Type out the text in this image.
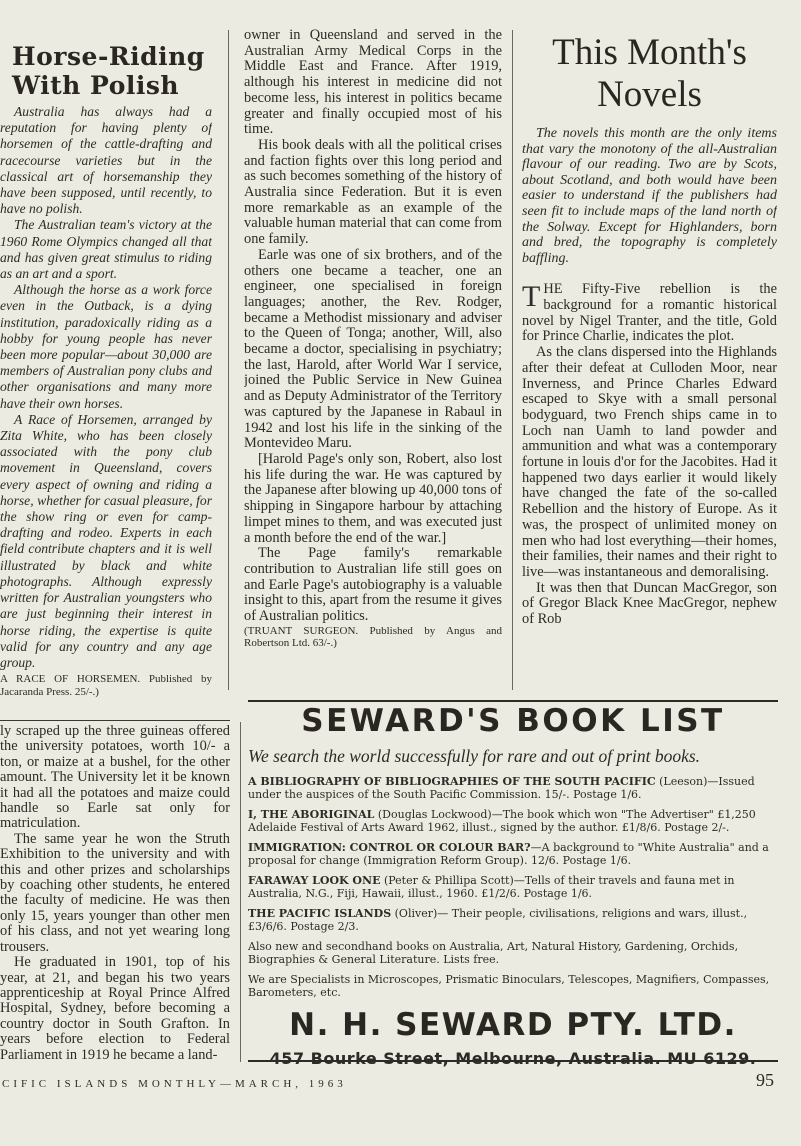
Horse-Riding
With Polish

Australia has always had a reputation for having plenty of horsemen of the cattle-drafting and racecourse varieties but in the classical art of horsemanship they have been supposed, until recently, to have no polish.

The Australian team's victory at the 1960 Rome Olympics changed all that and has given great stimulus to riding as an art and a sport.

Although the horse as a work force even in the Outback, is a dying institution, paradoxically riding as a hobby for young people has never been more popular—about 30,000 are members of Australian pony clubs and other organisations and many more have their own horses.

A Race of Horsemen, arranged by Zita White, who has been closely associated with the pony club movement in Queensland, covers every aspect of owning and riding a horse, whether for casual pleasure, for the show ring or even for camp-drafting and rodeo. Experts in each field contribute chapters and it is well illustrated by black and white photographs. Although expressly written for Australian youngsters who are just beginning their interest in horse riding, the expertise is quite valid for any country and any age group.

A RACE OF HORSEMEN. Published by Jacaranda Press. 25/-.)

owner in Queensland and served in the Australian Army Medical Corps in the Middle East and France. After 1919, although his interest in medicine did not become less, his interest in politics became greater and finally occupied most of his time.

His book deals with all the political crises and faction fights over this long period and as such becomes something of the history of Australia since Federation. But it is even more remarkable as an example of the valuable human material that can come from one family.

Earle was one of six brothers, and of the others one became a teacher, one an engineer, one specialised in foreign languages; another, the Rev. Rodger, became a Methodist missionary and adviser to the Queen of Tonga; another, Will, also became a doctor, specialising in psychiatry; the last, Harold, after World War I service, joined the Public Service in New Guinea and as Deputy Administrator of the Territory was captured by the Japanese in Rabaul in 1942 and lost his life in the sinking of the Montevideo Maru.

[Harold Page's only son, Robert, also lost his life during the war. He was captured by the Japanese after blowing up 40,000 tons of shipping in Singapore harbour by attaching limpet mines to them, and was executed just a month before the end of the war.]

The Page family's remarkable contribution to Australian life still goes on and Earle Page's autobiography is a valuable insight to this, apart from the resume it gives of Australian politics.

(TRUANT SURGEON. Published by Angus and Robertson Ltd. 63/-.)

This Month's Novels

The novels this month are the only items that vary the monotony of the all-Australian flavour of our reading. Two are by Scots, about Scotland, and both would have been easier to understand if the publishers had seen fit to include maps of the land north of the Solway. Except for Highlanders, born and bred, the topography is completely baffling.

THE Fifty-Five rebellion is the background for a romantic historical novel by Nigel Tranter, and the title, Gold for Prince Charlie, indicates the plot.

As the clans dispersed into the Highlands after their defeat at Culloden Moor, near Inverness, and Prince Charles Edward escaped to Skye with a small personal bodyguard, two French ships came in to Loch nan Uamh to land powder and ammunition and what was a contemporary fortune in louis d'or for the Jacobites. Had it happened two days earlier it would likely have changed the fate of the so-called Rebellion and the history of Europe. As it was, the prospect of unlimited money on men who had lost everything—their homes, their families, their names and their right to live—was instantaneous and demoralising.

It was then that Duncan MacGregor, son of Gregor Black Knee MacGregor, nephew of Rob

ly scraped up the three guineas offered the university potatoes, worth 10/- a ton, or maize at a bushel, for the other amount. The University let it be known it had all the potatoes and maize could handle so Earle sat only for matriculation.

The same year he won the Struth Exhibition to the university and with this and other prizes and scholarships by coaching other students, he entered the faculty of medicine. He was then only 15, years younger than other men of his class, and not yet wearing long trousers.

He graduated in 1901, top of his year, at 21, and began his two years apprenticeship at Royal Prince Alfred Hospital, Sydney, before becoming a country doctor in South Grafton. In years before election to Federal Parliament in 1919 he became a land-

SEWARD'S BOOK LIST

We search the world successfully for rare and out of print books.

A BIBLIOGRAPHY OF BIBLIOGRAPHIES OF THE SOUTH PACIFIC (Leeson)—Issued under the auspices of the South Pacific Commission. 15/-. Postage 1/6.

I, THE ABORIGINAL (Douglas Lockwood)—The book which won "The Advertiser" £1,250 Adelaide Festival of Arts Award 1962, illust., signed by the author. £1/8/6. Postage 2/-.

IMMIGRATION: CONTROL OR COLOUR BAR?—A background to "White Australia" and a proposal for change (Immigration Reform Group). 12/6. Postage 1/6.

FARAWAY LOOK ONE (Peter & Phillipa Scott)—Tells of their travels and fauna met in Australia, N.G., Fiji, Hawaii, illust., 1960. £1/2/6. Postage 1/6.

THE PACIFIC ISLANDS (Oliver)— Their people, civilisations, religions and wars, illust., £3/6/6. Postage 2/3.

Also new and secondhand books on Australia, Art, Natural History, Gardening, Orchids, Biographies & General Literature. Lists free.

We are Specialists in Microscopes, Prismatic Binoculars, Telescopes, Magnifiers, Compasses, Barometers, etc.

N. H. SEWARD PTY. LTD.

457 Bourke Street, Melbourne, Australia. MU 6129.

CIFIC ISLANDS MONTHLY—MARCH, 1963	95
